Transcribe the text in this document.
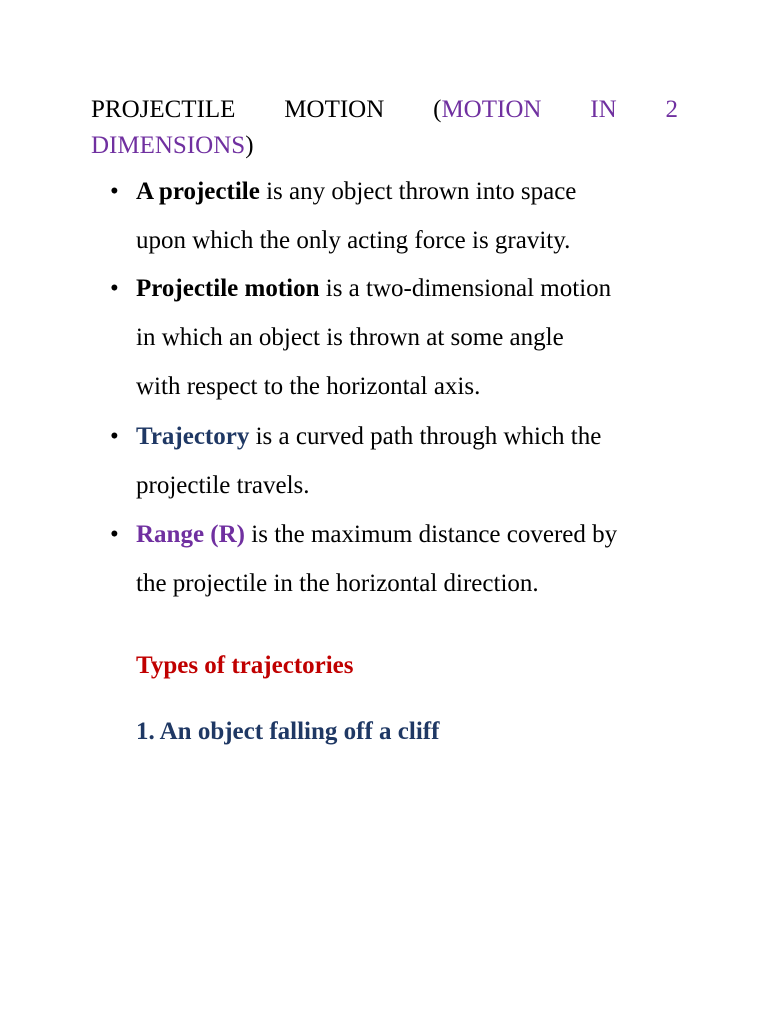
PROJECTILE MOTION (MOTION IN 2
DIMENSIONS)
• A projectile is any object thrown into space
upon which the only acting force is gravity.
• Projectile motion is a two-dimensional motion
in which an object is thrown at some angle
with respect to the horizontal axis.
• Trajectory is a curved path through which the
projectile travels.
• Range (R) is the maximum distance covered by
the projectile in the horizontal direction.
Types of trajectories
1. An object falling off a cliff
